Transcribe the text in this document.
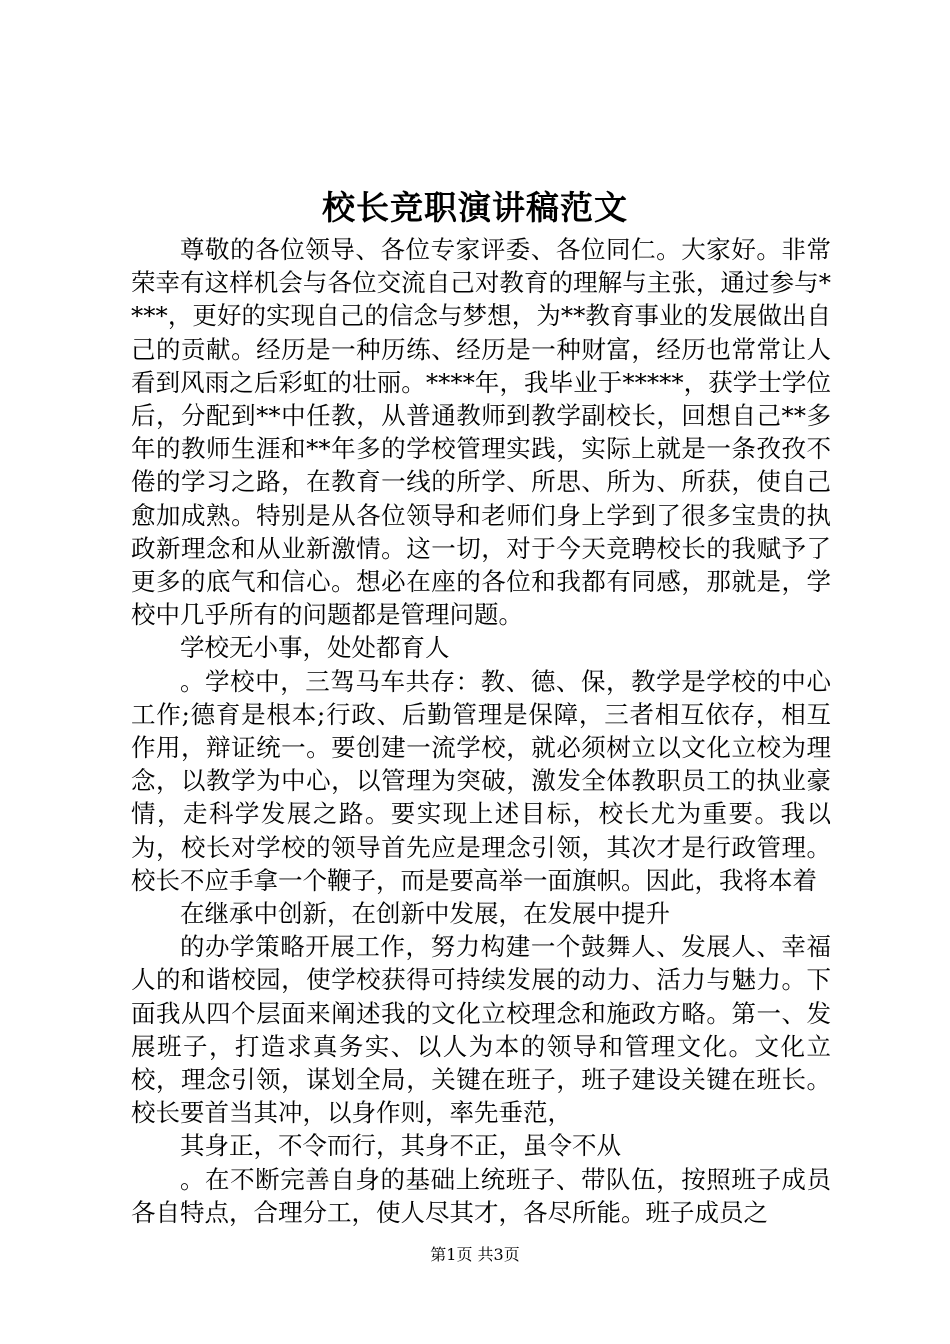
校长竞职演讲稿范文

尊敬的各位领导、各位专家评委、各位同仁。大家好。非常荣幸有这样机会与各位交流自己对教育的理解与主张，通过参与****，更好的实现自己的信念与梦想，为**教育事业的发展做出自己的贡献。经历是一种历练、经历是一种财富，经历也常常让人看到风雨之后彩虹的壮丽。****年，我毕业于*****，获学士学位后，分配到**中任教，从普通教师到教学副校长，回想自己**多年的教师生涯和**年多的学校管理实践，实际上就是一条孜孜不倦的学习之路，在教育一线的所学、所思、所为、所获，使自己愈加成熟。特别是从各位领导和老师们身上学到了很多宝贵的执政新理念和从业新激情。这一切，对于今天竞聘校长的我赋予了更多的底气和信心。想必在座的各位和我都有同感，那就是，学校中几乎所有的问题都是管理问题。

学校无小事，处处都育人

。学校中，三驾马车共存：教、德、保，教学是学校的中心工作;德育是根本;行政、后勤管理是保障，三者相互依存，相互作用，辩证统一。要创建一流学校，就必须树立以文化立校为理念，以教学为中心，以管理为突破，激发全体教职员工的执业豪情，走科学发展之路。要实现上述目标，校长尤为重要。我以为，校长对学校的领导首先应是理念引领，其次才是行政管理。校长不应手拿一个鞭子，而是要高举一面旗帜。因此，我将本着

在继承中创新，在创新中发展，在发展中提升

的办学策略开展工作，努力构建一个鼓舞人、发展人、幸福人的和谐校园，使学校获得可持续发展的动力、活力与魅力。下面我从四个层面来阐述我的文化立校理念和施政方略。第一、发展班子，打造求真务实、以人为本的领导和管理文化。文化立校，理念引领，谋划全局，关键在班子，班子建设关键在班长。校长要首当其冲，以身作则，率先垂范，

其身正，不令而行，其身不正，虽令不从

。在不断完善自身的基础上统班子、带队伍，按照班子成员各自特点，合理分工，使人尽其才，各尽所能。班子成员之

第1页 共3页
